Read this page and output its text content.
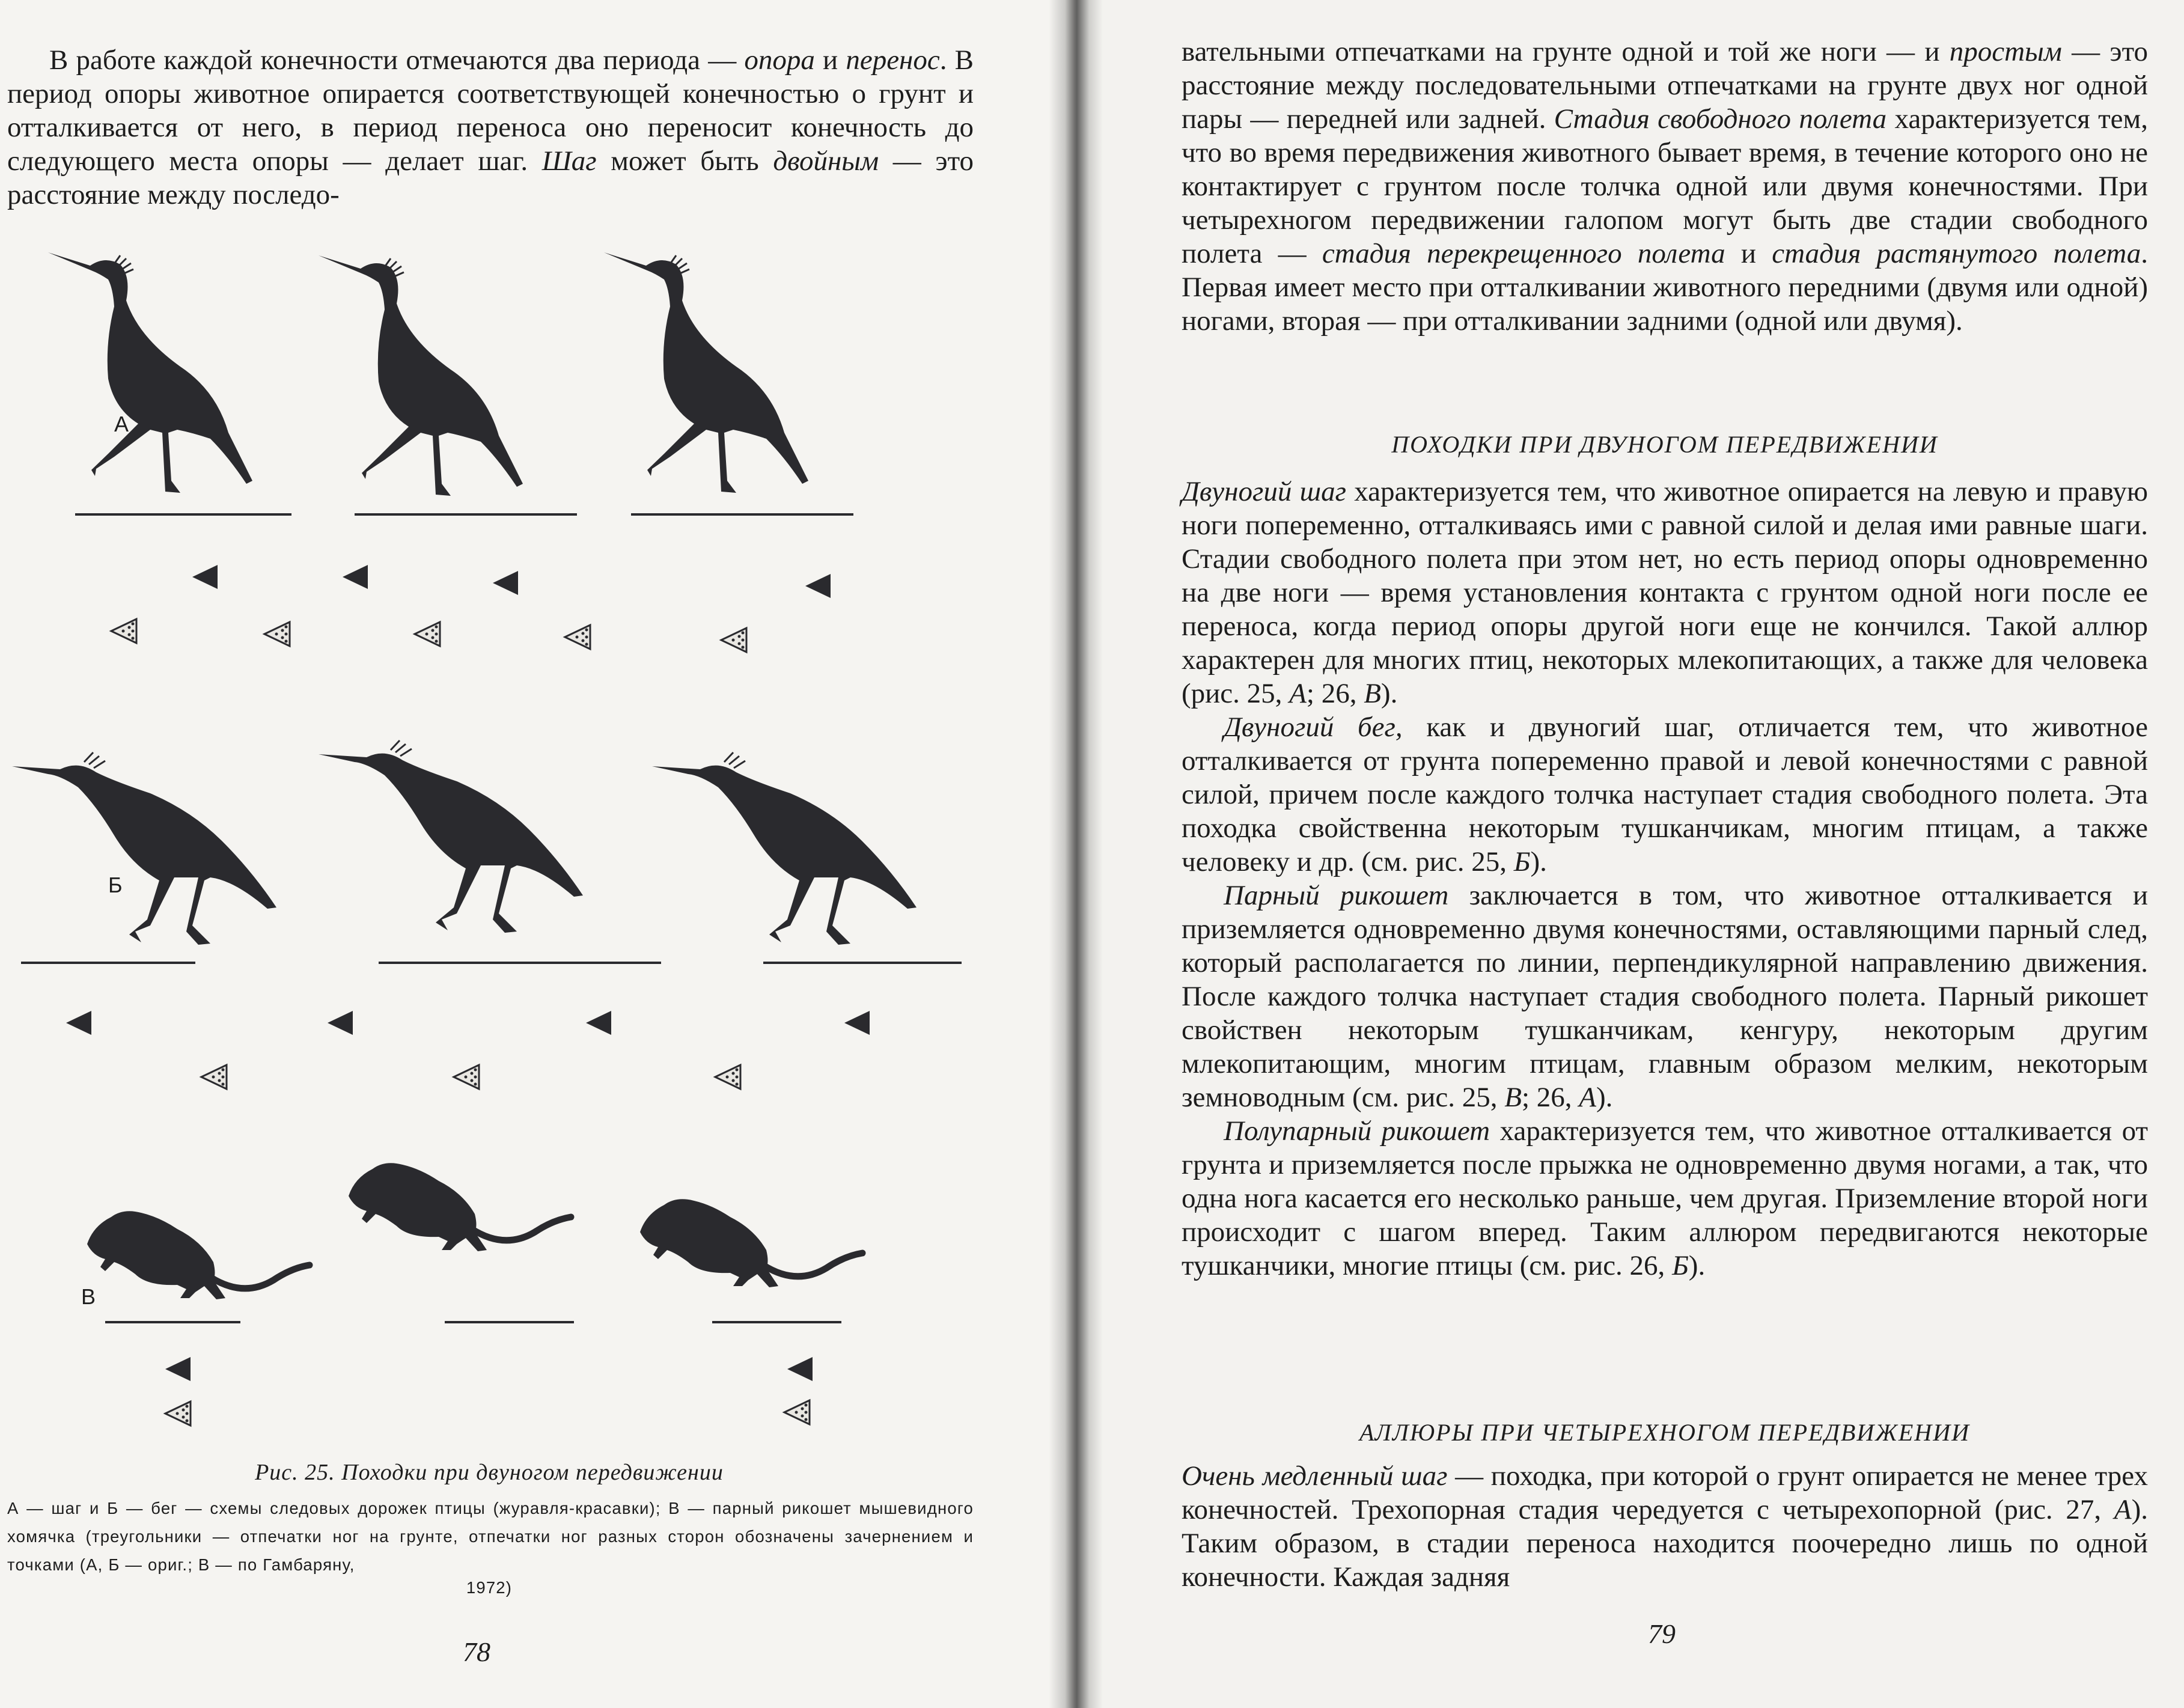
В работе каждой конечности отмечаются два периода — опора и перенос. В период опоры животное опирается соответствующей конечностью о грунт и отталкивается от него, в период переноса оно переносит конечность до следующего места опоры — делает шаг. Шаг может быть двойным — это расстояние между последо-

А
Б
В
Рис. 25. Походки при двуногом передвижении
А — шаг и Б — бег — схемы следовых дорожек птицы (журавля-красавки); В — парный рикошет мышевидного хомячка (треугольники — отпечатки ног на грунте, отпечатки ног разных сторон обозначены зачернением и точками (А, Б — ориг.; В — по Гамбаряну,
1972)
78

вательными отпечатками на грунте одной и той же ноги — и простым — это расстояние между последовательными отпечатками на грунте двух ног одной пары — передней или задней. Стадия свободного полета характеризуется тем, что во время передвижения животного бывает время, в течение которого оно не контактирует с грунтом после толчка одной или двумя конечностями. При четырехногом передвижении галопом могут быть две стадии свободного полета — стадия перекрещенного полета и стадия растянутого полета. Первая имеет место при отталкивании животного передними (двумя или одной) ногами, вторая — при отталкивании задними (одной или двумя).

ПОХОДКИ ПРИ ДВУНОГОМ ПЕРЕДВИЖЕНИИ

Двуногий шаг характеризуется тем, что животное опирается на левую и правую ноги попеременно, отталкиваясь ими с равной силой и делая ими равные шаги. Стадии свободного полета при этом нет, но есть период опоры одновременно на две ноги — время установления контакта с грунтом одной ноги после ее переноса, когда период опоры другой ноги еще не кончился. Такой аллюр характерен для многих птиц, некоторых млекопитающих, а также для человека (рис. 25, А; 26, В).

Двуногий бег, как и двуногий шаг, отличается тем, что животное отталкивается от грунта попеременно правой и левой конечностями с равной силой, причем после каждого толчка наступает стадия свободного полета. Эта походка свойственна некоторым тушканчикам, многим птицам, а также человеку и др. (см. рис. 25, Б).

Парный рикошет заключается в том, что животное отталкивается и приземляется одновременно двумя конечностями, оставляющими парный след, который располагается по линии, перпендикулярной направлению движения. После каждого толчка наступает стадия свободного полета. Парный рикошет свойствен некоторым тушканчикам, кенгуру, некоторым другим млекопитающим, многим птицам, главным образом мелким, некоторым земноводным (см. рис. 25, В; 26, А).

Полупарный рикошет характеризуется тем, что животное отталкивается от грунта и приземляется после прыжка не одновременно двумя ногами, а так, что одна нога касается его несколько раньше, чем другая. Приземление второй ноги происходит с шагом вперед. Таким аллюром передвигаются некоторые тушканчики, многие птицы (см. рис. 26, Б).

АЛЛЮРЫ ПРИ ЧЕТЫРЕХНОГОМ ПЕРЕДВИЖЕНИИ

Очень медленный шаг — походка, при которой о грунт опирается не менее трех конечностей. Трехопорная стадия чередуется с четырехопорной (рис. 27, А). Таким образом, в стадии переноса находится поочередно лишь по одной конечности. Каждая задняя

79
